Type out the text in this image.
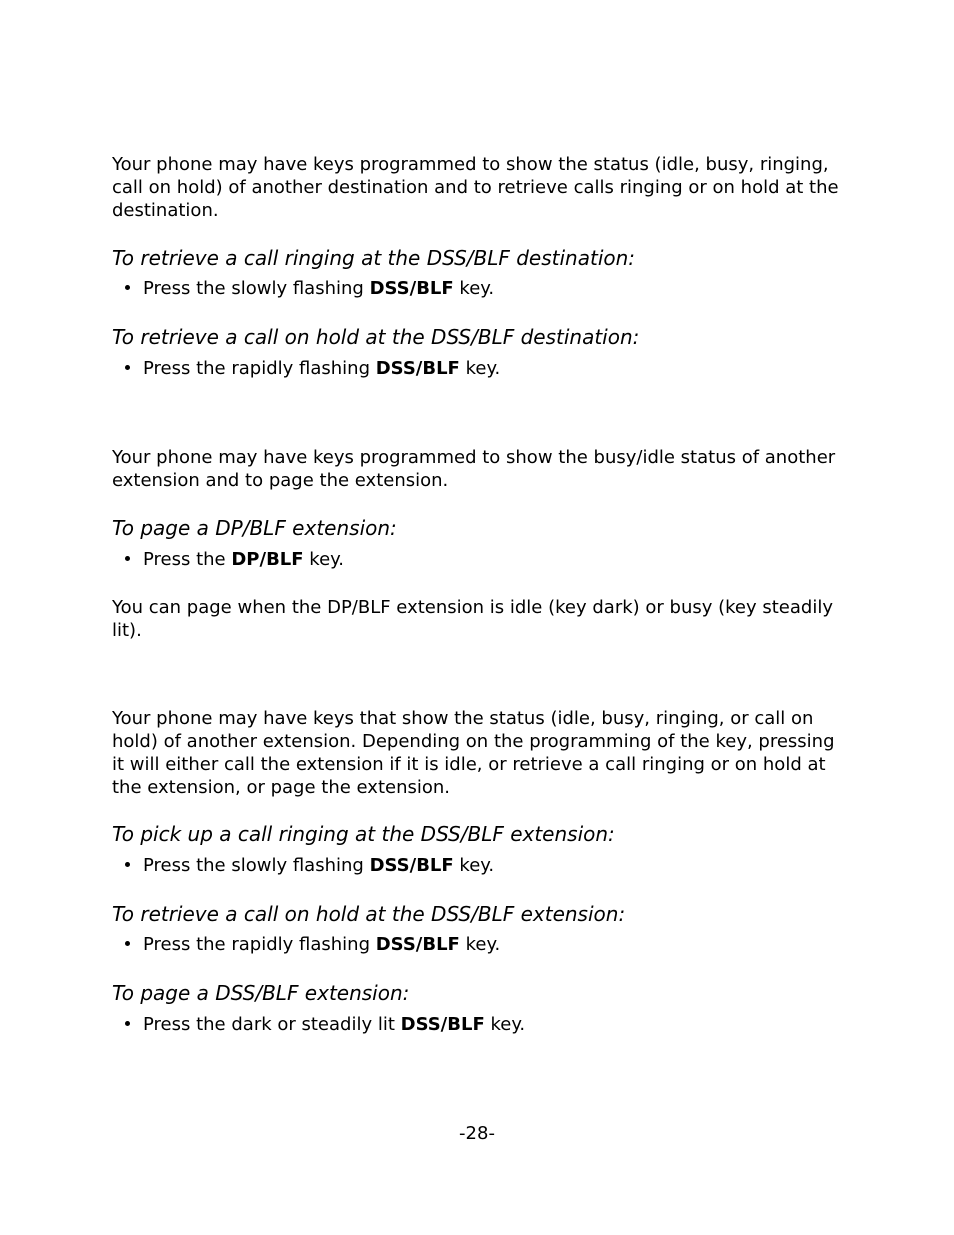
Your phone may have keys programmed to show the status (idle, busy, ringing, call on hold) of another destination and to retrieve calls ringing or on hold at the destination.

To retrieve a call ringing at the DSS/BLF destination:

Press the slowly flashing DSS/BLF key.

To retrieve a call on hold at the DSS/BLF destination:

Press the rapidly flashing DSS/BLF key.

Your phone may have keys programmed to show the busy/idle status of another extension and to page the extension.

To page a DP/BLF extension:

Press the DP/BLF key.

You can page when the DP/BLF extension is idle (key dark) or busy (key steadily lit).

Your phone may have keys that show the status (idle, busy, ringing, or call on hold) of another extension. Depending on the programming of the key, pressing it will either call the extension if it is idle, or retrieve a call ringing or on hold at the extension, or page the extension.

To pick up a call ringing at the DSS/BLF extension:

Press the slowly flashing DSS/BLF key.

To retrieve a call on hold at the DSS/BLF extension:

Press the rapidly flashing DSS/BLF key.

To page a DSS/BLF extension:

Press the dark or steadily lit DSS/BLF key.

-28-
